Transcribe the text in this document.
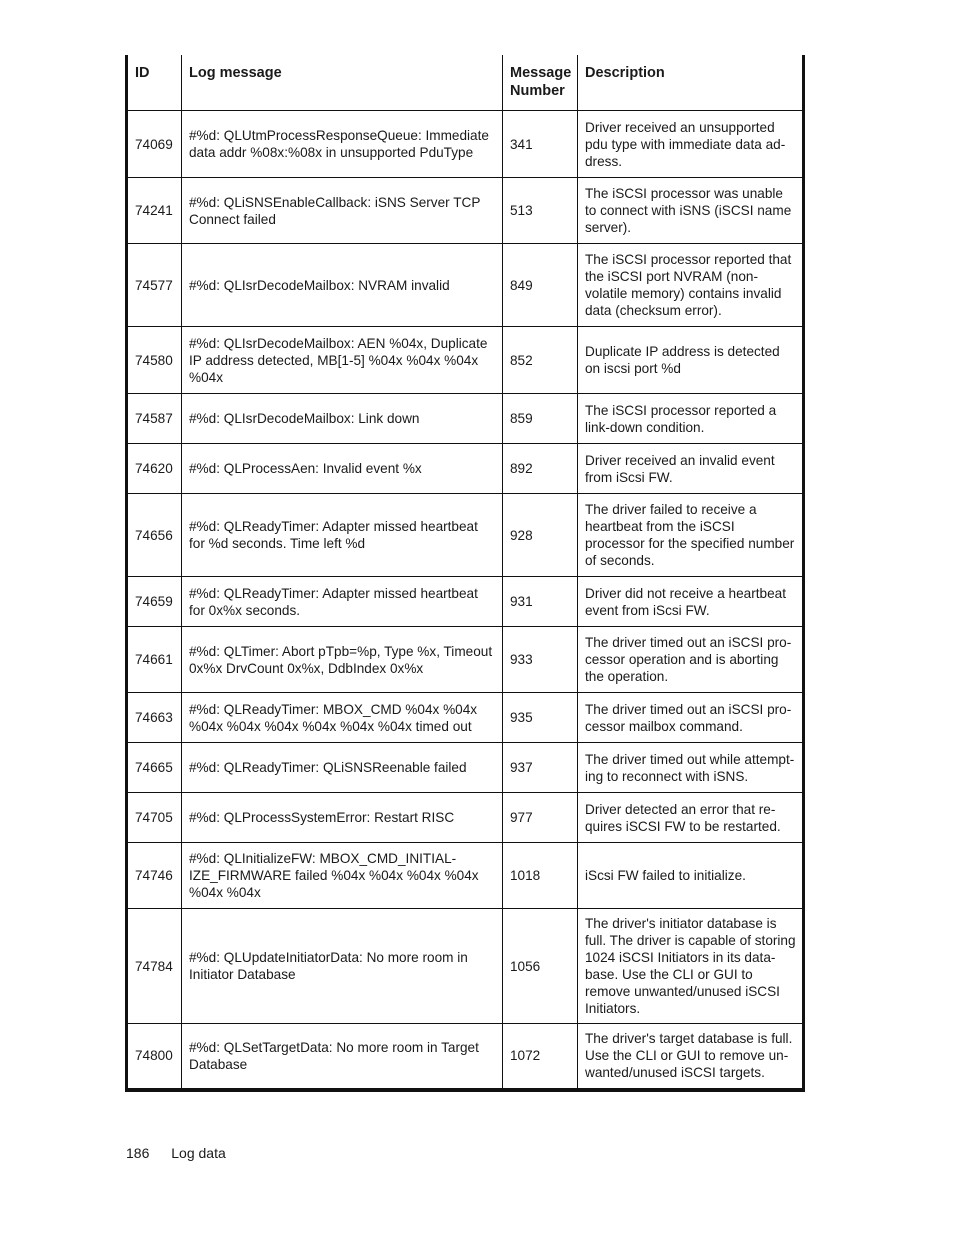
ID	Log message	Message Number	Description
74069	#%d: QLUtmProcessResponseQueue: Immediate data addr %08x:%08x in unsupported PduType	341	Driver received an unsupported pdu type with immediate data ad-dress.
74241	#%d: QLiSNSEnableCallback: iSNS Server TCP Connect failed	513	The iSCSI processor was unable to connect with iSNS (iSCSI name server).
74577	#%d: QLIsrDecodeMailbox: NVRAM invalid	849	The iSCSI processor reported that the iSCSI port NVRAM (non-volatile memory) contains invalid data (checksum error).
74580	#%d: QLIsrDecodeMailbox: AEN %04x, Duplicate IP address detected, MB[1-5] %04x %04x %04x %04x	852	Duplicate IP address is detected on iscsi port %d
74587	#%d: QLIsrDecodeMailbox: Link down	859	The iSCSI processor reported a link-down condition.
74620	#%d: QLProcessAen: Invalid event %x	892	Driver received an invalid event from iScsi FW.
74656	#%d: QLReadyTimer: Adapter missed heartbeat for %d seconds. Time left %d	928	The driver failed to receive a heartbeat from the iSCSI processor for the specified number of seconds.
74659	#%d: QLReadyTimer: Adapter missed heartbeat for 0x%x seconds.	931	Driver did not receive a heartbeat event from iScsi FW.
74661	#%d: QLTimer: Abort pTpb=%p, Type %x, Timeout 0x%x DrvCount 0x%x, DdbIndex 0x%x	933	The driver timed out an iSCSI pro-cessor operation and is aborting the operation.
74663	#%d: QLReadyTimer: MBOX_CMD %04x %04x %04x %04x %04x %04x %04x %04x timed out	935	The driver timed out an iSCSI pro-cessor mailbox command.
74665	#%d: QLReadyTimer: QLiSNSReenable failed	937	The driver timed out while attempt-ing to reconnect with iSNS.
74705	#%d: QLProcessSystemError: Restart RISC	977	Driver detected an error that re-quires iSCSI FW to be restarted.
74746	#%d: QLInitializeFW: MBOX_CMD_INITIAL-IZE_FIRMWARE failed %04x %04x %04x %04x %04x %04x	1018	iScsi FW failed to initialize.
74784	#%d: QLUpdateInitiatorData: No more room in Initiator Database	1056	The driver's initiator database is full. The driver is capable of storing 1024 iSCSI Initiators in its data-base. Use the CLI or GUI to remove unwanted/unused iSCSI Initiators.
74800	#%d: QLSetTargetData: No more room in Target Database	1072	The driver's target database is full. Use the CLI or GUI to remove un-wanted/unused iSCSI targets.
186 Log data
